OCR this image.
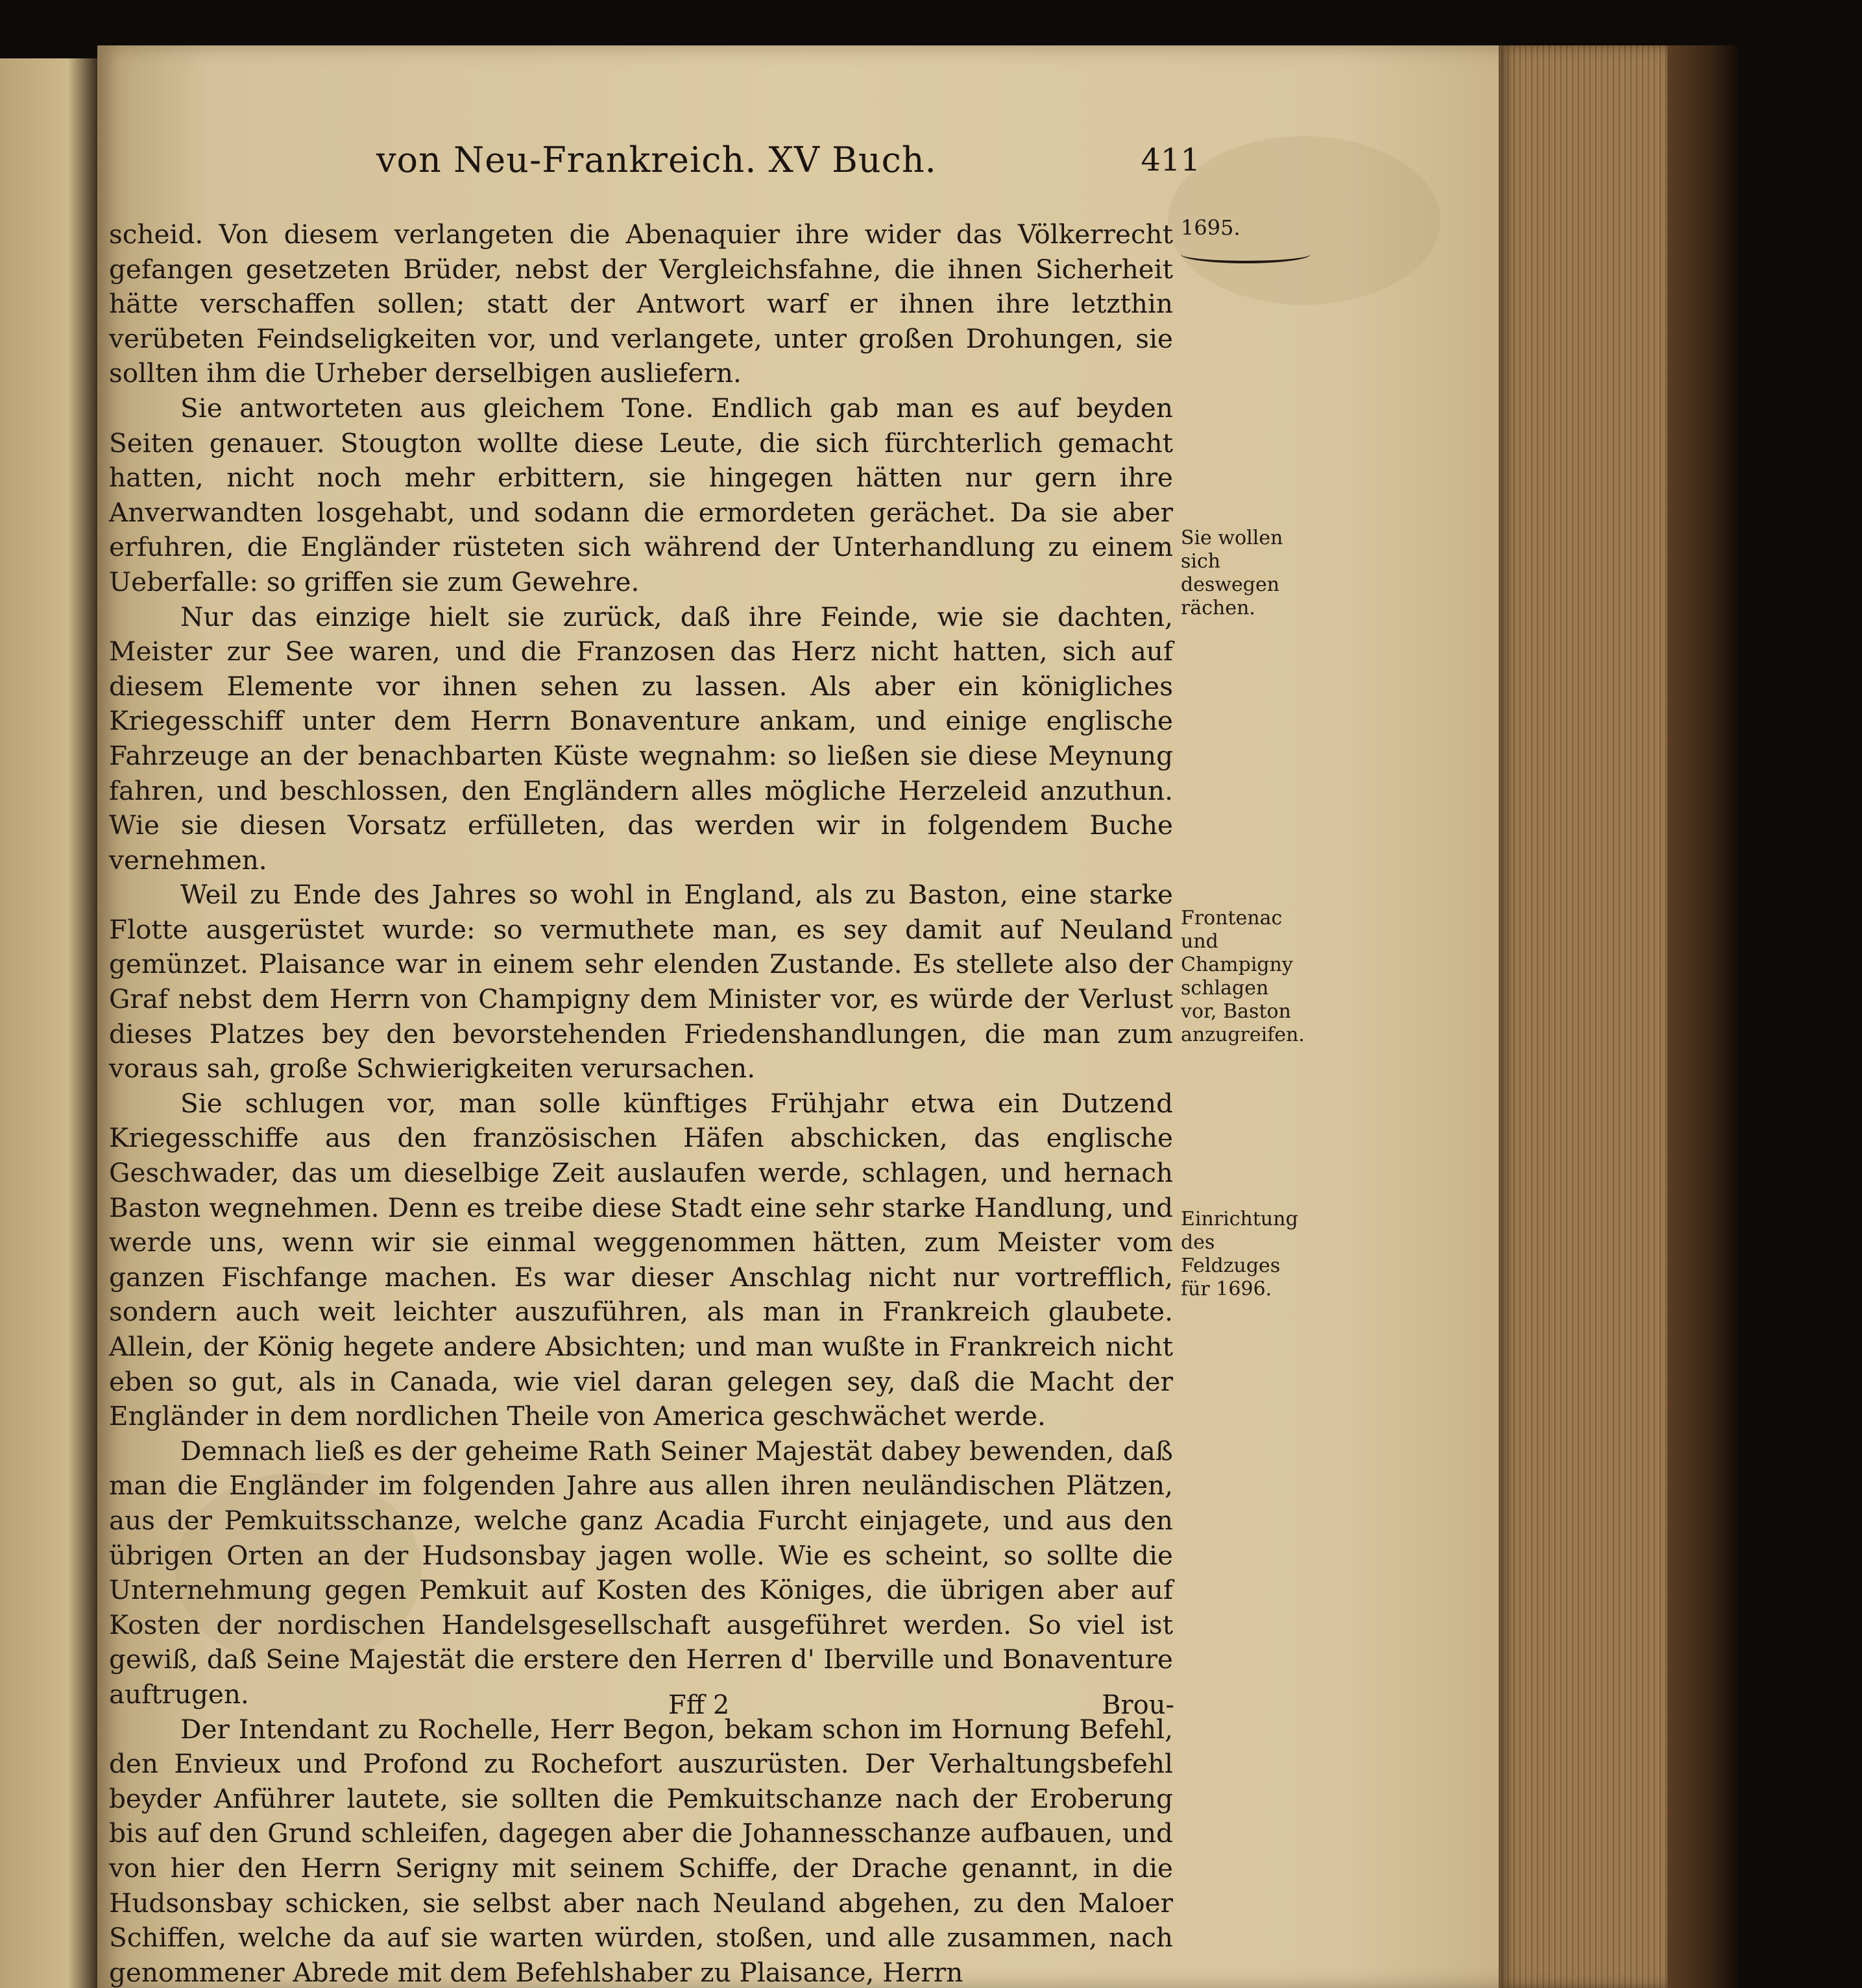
von Neu-Frankreich. XV Buch.	411
1695.
Sie wollen sich deswegen rächen.
Frontenac und Champigny schlagen vor, Baston anzugreifen.
Einrichtung des Feldzuges für 1696.

scheid. Von diesem verlangeten die Abenaquier ihre wider das Völkerrecht gefangen gesetzeten Brüder, nebst der Vergleichsfahne, die ihnen Sicherheit hätte verschaffen sollen; statt der Antwort warf er ihnen ihre letzthin verübeten Feindseligkeiten vor, und verlangete, unter großen Drohungen, sie sollten ihm die Urheber derselbigen ausliefern.

Sie antworteten aus gleichem Tone. Endlich gab man es auf beyden Seiten genauer. Stougton wollte diese Leute, die sich fürchterlich gemacht hatten, nicht noch mehr erbittern, sie hingegen hätten nur gern ihre Anverwandten losgehabt, und sodann die ermordeten gerächet. Da sie aber erfuhren, die Engländer rüsteten sich während der Unterhandlung zu einem Ueberfalle: so griffen sie zum Gewehre.

Nur das einzige hielt sie zurück, daß ihre Feinde, wie sie dachten, Meister zur See waren, und die Franzosen das Herz nicht hatten, sich auf diesem Elemente vor ihnen sehen zu lassen. Als aber ein königliches Kriegesschiff unter dem Herrn Bonaventure ankam, und einige englische Fahrzeuge an der benachbarten Küste wegnahm: so ließen sie diese Meynung fahren, und beschlossen, den Engländern alles mögliche Herzeleid anzuthun. Wie sie diesen Vorsatz erfülleten, das werden wir in folgendem Buche vernehmen.

Weil zu Ende des Jahres so wohl in England, als zu Baston, eine starke Flotte ausgerüstet wurde: so vermuthete man, es sey damit auf Neuland gemünzet. Plaisance war in einem sehr elenden Zustande. Es stellete also der Graf nebst dem Herrn von Champigny dem Minister vor, es würde der Verlust dieses Platzes bey den bevorstehenden Friedenshandlungen, die man zum voraus sah, große Schwierigkeiten verursachen.

Sie schlugen vor, man solle künftiges Frühjahr etwa ein Dutzend Kriegesschiffe aus den französischen Häfen abschicken, das englische Geschwader, das um dieselbige Zeit auslaufen werde, schlagen, und hernach Baston wegnehmen. Denn es treibe diese Stadt eine sehr starke Handlung, und werde uns, wenn wir sie einmal weggenommen hätten, zum Meister vom ganzen Fischfange machen. Es war dieser Anschlag nicht nur vortrefflich, sondern auch weit leichter auszuführen, als man in Frankreich glaubete. Allein, der König hegete andere Absichten; und man wußte in Frankreich nicht eben so gut, als in Canada, wie viel daran gelegen sey, daß die Macht der Engländer in dem nordlichen Theile von America geschwächet werde.

Demnach ließ es der geheime Rath Seiner Majestät dabey bewenden, daß man die Engländer im folgenden Jahre aus allen ihren neuländischen Plätzen, aus der Pemkuitsschanze, welche ganz Acadia Furcht einjagete, und aus den übrigen Orten an der Hudsonsbay jagen wolle. Wie es scheint, so sollte die Unternehmung gegen Pemkuit auf Kosten des Königes, die übrigen aber auf Kosten der nordischen Handelsgesellschaft ausgeführet werden. So viel ist gewiß, daß Seine Majestät die erstere den Herren d' Iberville und Bonaventure auftrugen.

Der Intendant zu Rochelle, Herr Begon, bekam schon im Hornung Befehl, den Envieux und Profond zu Rochefort auszurüsten. Der Verhaltungsbefehl beyder Anführer lautete, sie sollten die Pemkuitschanze nach der Eroberung bis auf den Grund schleifen, dagegen aber die Johannesschanze aufbauen, und von hier den Herrn Serigny mit seinem Schiffe, der Drache genannt, in die Hudsonsbay schicken, sie selbst aber nach Neuland abgehen, zu den Maloer Schiffen, welche da auf sie warten würden, stoßen, und alle zusammen, nach genommener Abrede mit dem Befehlshaber zu Plaisance, Herrn

Fff 2	Brou-
